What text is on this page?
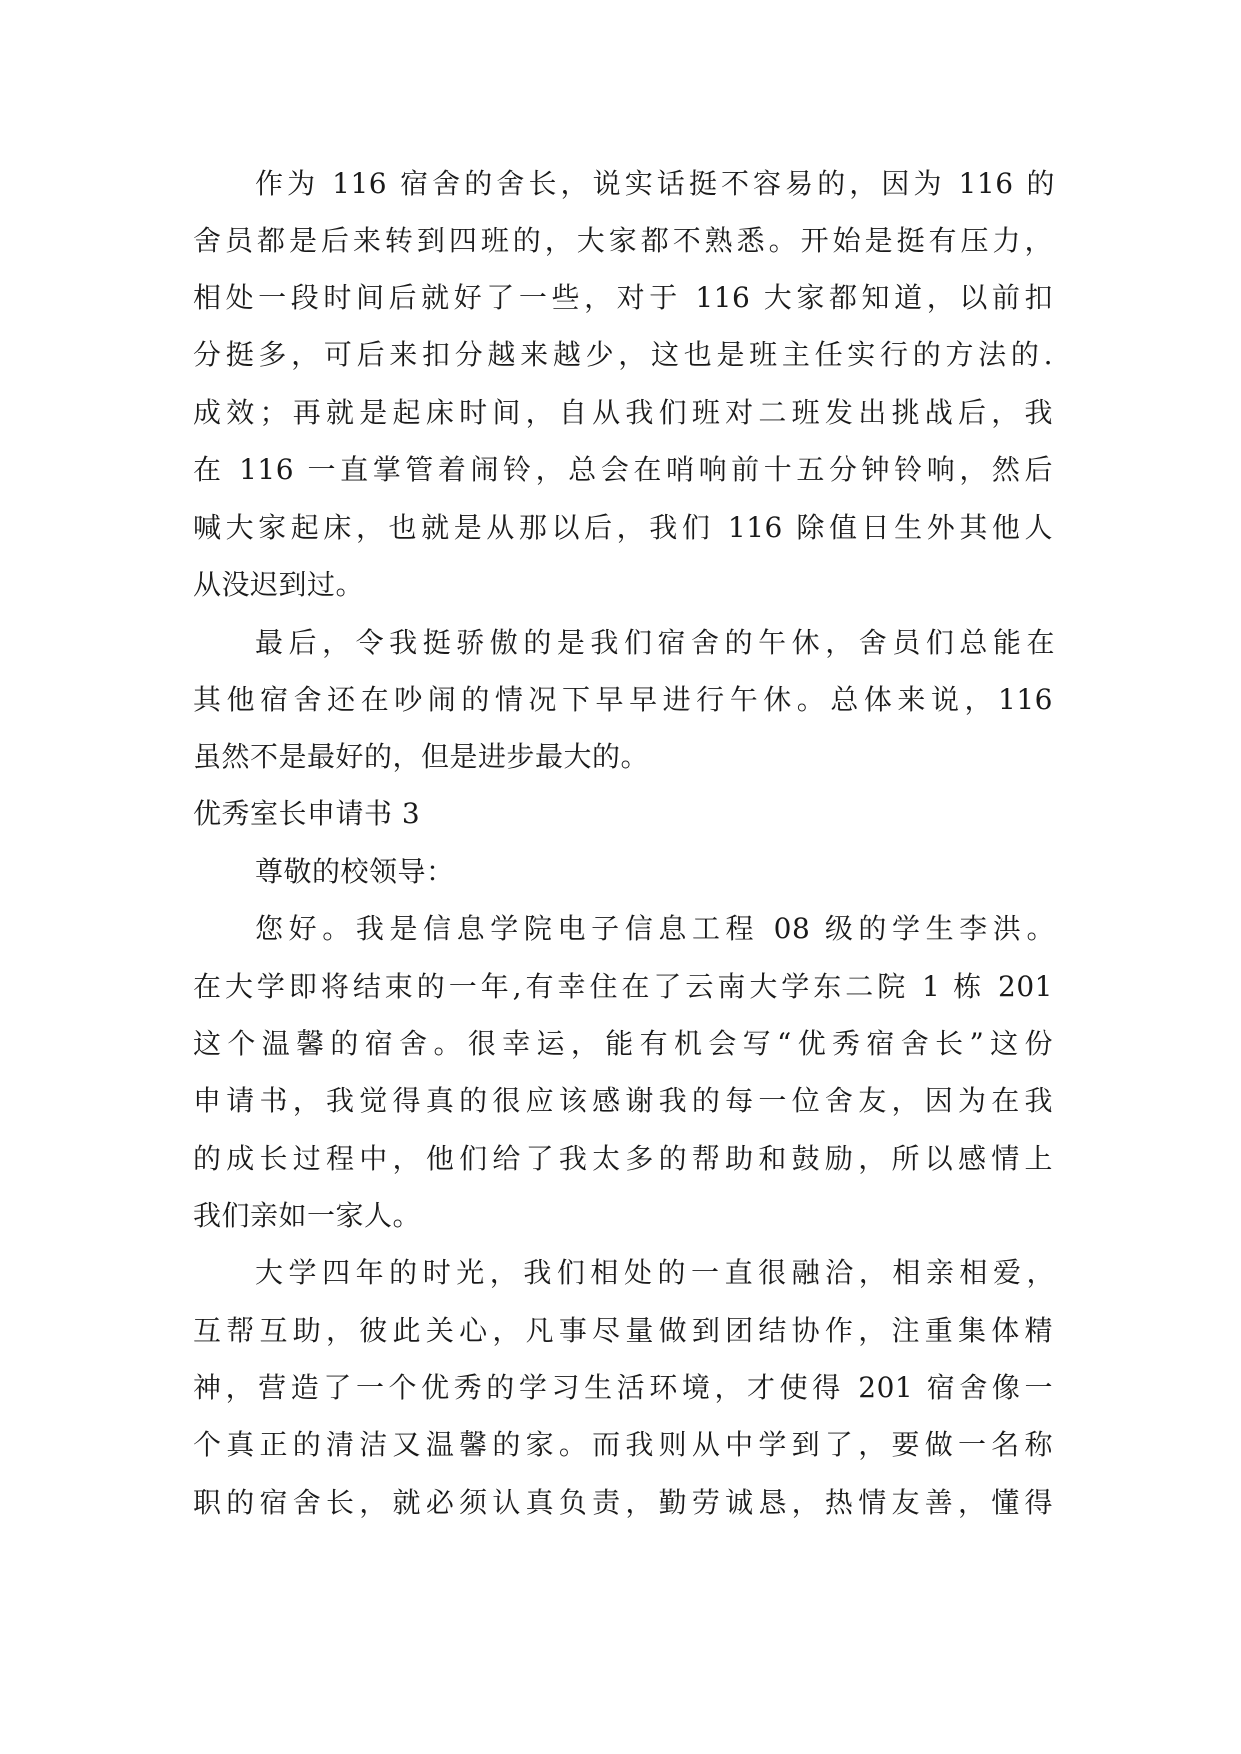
作为 116 宿舍的舍长，说实话挺不容易的，因为 116 的
舍员都是后来转到四班的，大家都不熟悉。开始是挺有压力，
相处一段时间后就好了一些，对于 116 大家都知道，以前扣
分挺多，可后来扣分越来越少，这也是班主任实行的方法的.
成效；再就是起床时间，自从我们班对二班发出挑战后，我
在 116 一直掌管着闹铃，总会在哨响前十五分钟铃响，然后
喊大家起床，也就是从那以后，我们 116 除值日生外其他人
从没迟到过。
最后，令我挺骄傲的是我们宿舍的午休，舍员们总能在
其他宿舍还在吵闹的情况下早早进行午休。总体来说，116
虽然不是最好的，但是进步最大的。
优秀室长申请书 3
尊敬的校领导：
您好。我是信息学院电子信息工程 08 级的学生李洪。
在大学即将结束的一年,有幸住在了云南大学东二院 1 栋 201
这个温馨的宿舍。很幸运，能有机会写“优秀宿舍长”这份
申请书，我觉得真的很应该感谢我的每一位舍友，因为在我
的成长过程中，他们给了我太多的帮助和鼓励，所以感情上
我们亲如一家人。
大学四年的时光，我们相处的一直很融洽，相亲相爱，
互帮互助，彼此关心，凡事尽量做到团结协作，注重集体精
神，营造了一个优秀的学习生活环境，才使得 201 宿舍像一
个真正的清洁又温馨的家。而我则从中学到了，要做一名称
职的宿舍长，就必须认真负责，勤劳诚恳，热情友善，懂得
